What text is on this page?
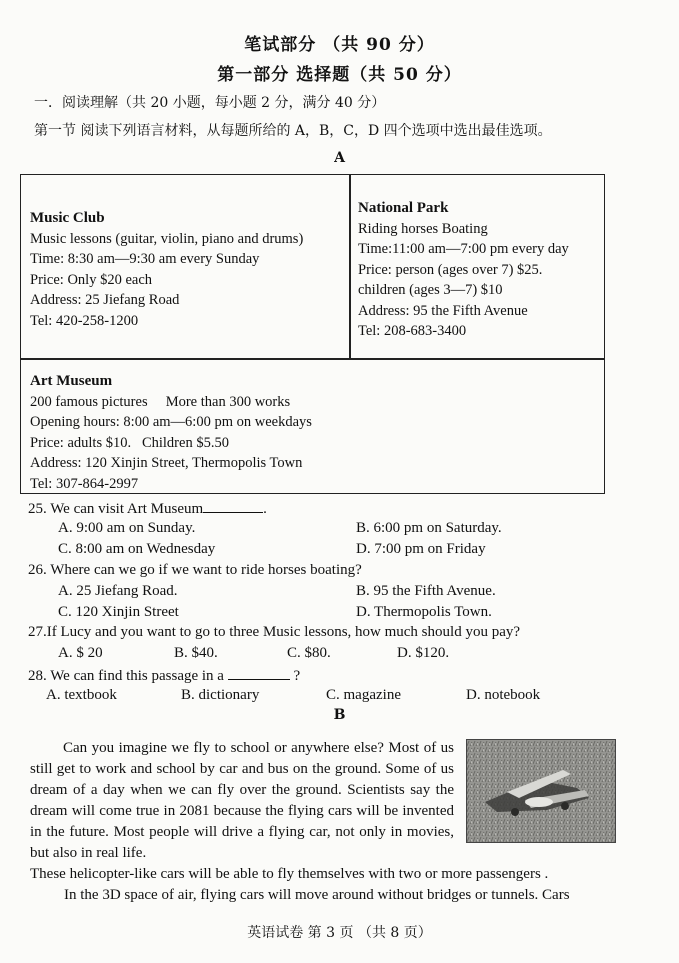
笔试部分 （共 90 分）
第一部分 选择题（共 50 分）
一．阅读理解（共 20 小题，每小题 2 分，满分 40 分）
第一节 阅读下列语言材料，从每题所给的 A，B，C，D 四个选项中选出最佳选项。
A
Music Club
Music lessons (guitar, violin, piano and drums)
Time: 8:30 am—9:30 am every Sunday
Price: Only $20 each
Address: 25 Jiefang Road
Tel: 420-258-1200
National Park
Riding horses Boating
Time:11:00 am—7:00 pm every day
Price: person (ages over 7) $25.
children (ages 3—7) $10
Address: 95 the Fifth Avenue
Tel: 208-683-3400
Art Museum
200 famous pictures     More than 300 works
Opening hours: 8:00 am—6:00 pm on weekdays
Price: adults $10.   Children $5.50
Address: 120 Xinjin Street, Thermopolis Town
Tel: 307-864-2997
25. We can visit Art Museum	.
A. 9:00 am on Sunday.	B. 6:00 pm on Saturday.
C. 8:00 am on Wednesday	D. 7:00 pm on Friday
26. Where can we go if we want to ride horses boating?
A. 25 Jiefang Road.	B. 95 the Fifth Avenue.
C. 120 Xinjin Street	D. Thermopolis Town.
27.If Lucy and you want to go to three Music lessons, how much should you pay?
A. $ 20	B. $40.	C. $80.	D. $120.
28. We can find this passage in a	?
A. textbook	B. dictionary	C. magazine	D. notebook
B
Can you imagine we fly to school or anywhere else? Most of us still get to work and school by car and bus on the ground. Some of us dream of a day when we can fly over the ground. Scientists say the dream will come true in 2081 because the flying cars will be invented in the future. Most people will drive a flying car, not only in movies, but also in real life.
These helicopter-like cars will be able to fly themselves with two or more passengers .
In the 3D space of air, flying cars will move around without bridges or tunnels. Cars
英语试卷 第 3 页 （共 8 页）
